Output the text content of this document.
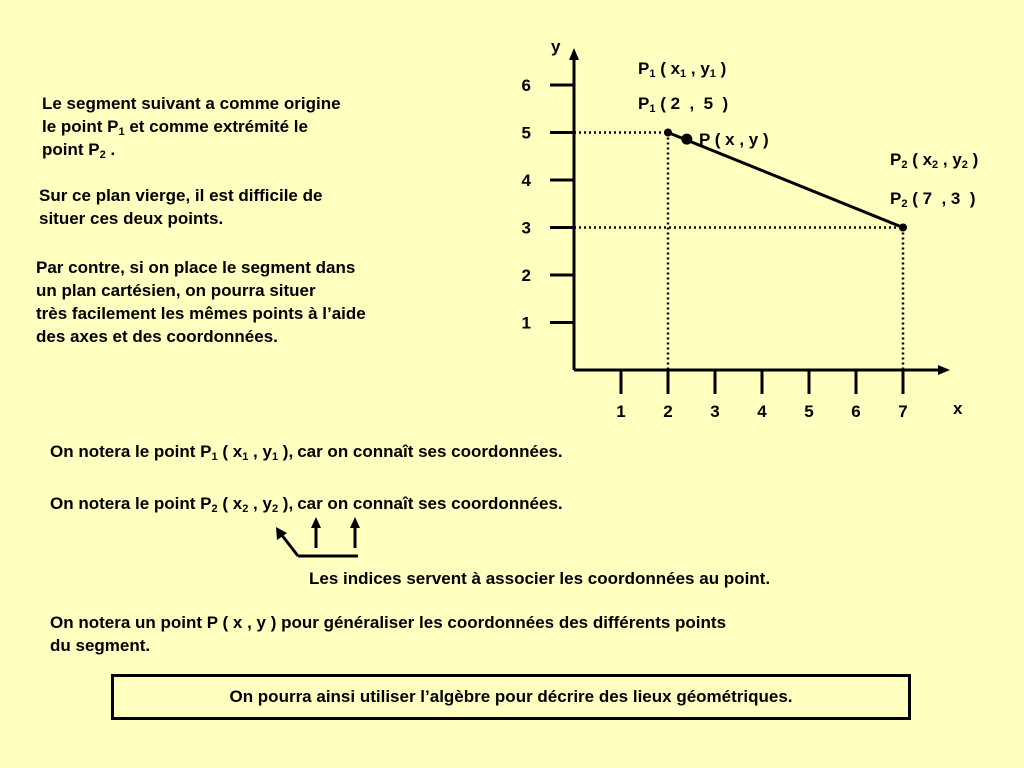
Le segment suivant a comme origine
le point $P_1$ et comme extrémité le
point $P_2$ .
Sur ce plan vierge, il est difficile de
situer ces deux points.
Par contre, si on place le segment dans
un plan cartésien, on pourra situer
très facilement les mêmes points à l’aide
des axes et des coordonnées.
y
x
1 2 3 4 5 6 7
1
2
3
4
5
6
$P_1$ ( $x_1$ , $y_1$ )
$P_1$ ( 2  ,  5  )
P ( x , y )
$P_2$ ( $x_2$ , $y_2$ )
$P_2$ ( 7  , 3  )
On notera le point $P_1$ ( $x_1$ , $y_1$ ), car on connaît ses coordonnées.
On notera le point $P_2$ ( $x_2$ , $y_2$ ), car on connaît ses coordonnées.
Les indices servent à associer les coordonnées au point.
On notera un point P ( x , y ) pour généraliser les coordonnées des différents points
du segment.
On pourra ainsi utiliser l’algèbre pour décrire des lieux géométriques.
